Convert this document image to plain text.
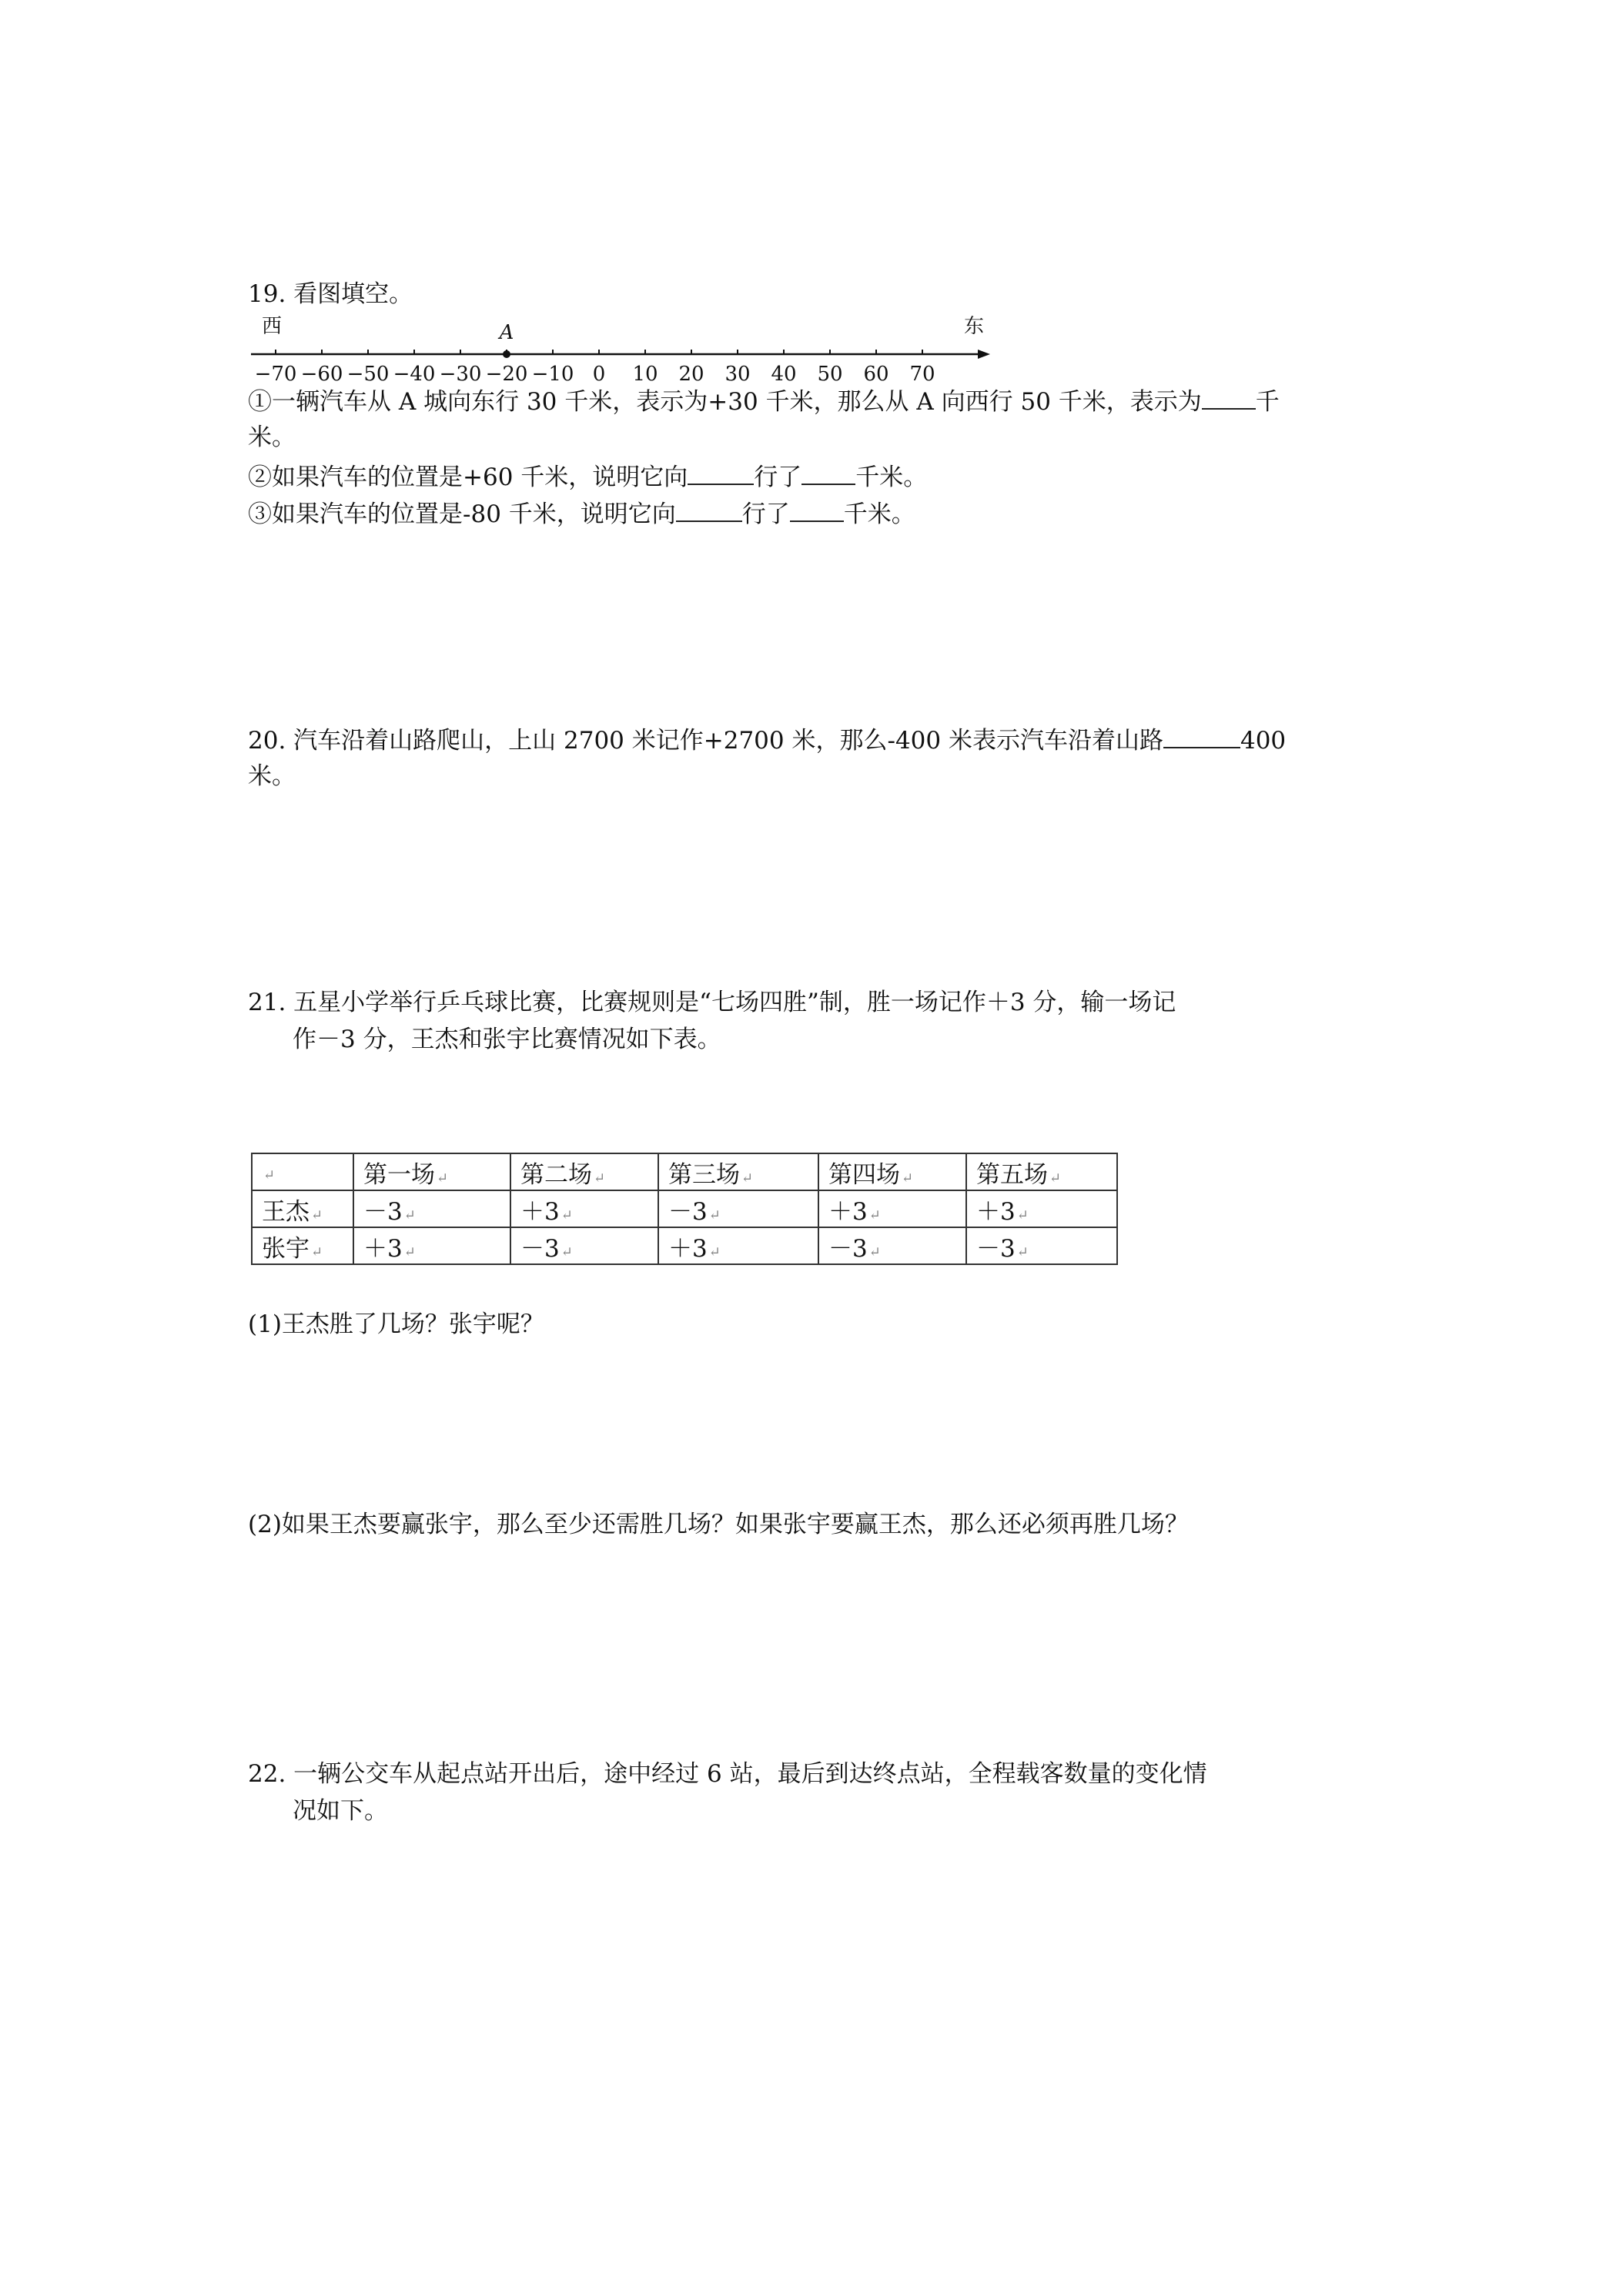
19. 看图填空。
西	东
−70 −60 −50 −40 −30 −20 −10 0 10 20 30 40 50 60 70
A
①一辆汽车从 A 城向东行 30 千米，表示为+30 千米，那么从 A 向西行 50 千米，表示为 千
米。
②如果汽车的位置是+60 千米，说明它向	行了 千米。
③如果汽车的位置是-80 千米，说明它向	行了 千米。
20. 汽车沿着山路爬山，上山 2700 米记作+2700 米，那么-400 米表示汽车沿着山路	400
米。
21. 五星小学举行乒乓球比赛，比赛规则是“七场四胜”制，胜一场记作＋3 分，输一场记
作－3 分，王杰和张宇比赛情况如下表。
↵	第一场 ↵	第二场 ↵	第三场 ↵	第四场 ↵	第五场 ↵
王杰 ↵	－3 ↵	＋3 ↵	－3 ↵	＋3 ↵	＋3 ↵
张宇 ↵	＋3 ↵	－3 ↵	＋3 ↵	－3 ↵	－3 ↵
(1)王杰胜了几场？张宇呢？
(2)如果王杰要赢张宇，那么至少还需胜几场？如果张宇要赢王杰，那么还必须再胜几场？
22. 一辆公交车从起点站开出后，途中经过 6 站，最后到达终点站，全程载客数量的变化情
况如下。
